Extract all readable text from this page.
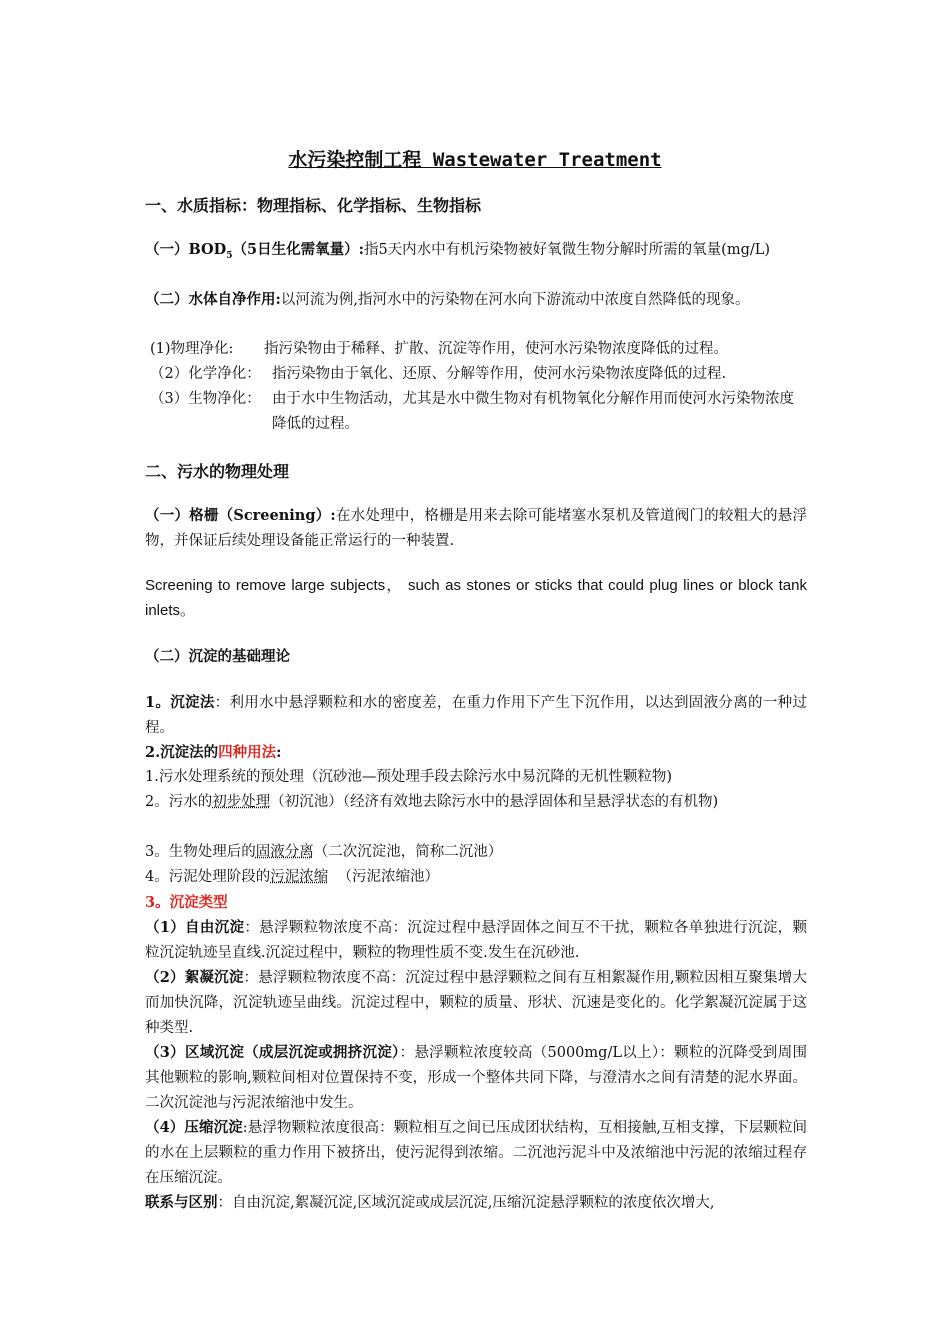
水污染控制工程 Wastewater Treatment
一、水质指标：物理指标、化学指标、生物指标
（一）$BOD_5(5$日生化需氧量）:指5天内水中有机污染物被好氧微生物分解时所需的氧量(mg/L)
（二）水体自净作用:以河流为例,指河水中的污染物在河水向下游流动中浓度自然降低的现象。
(1)物理净化: 指污染物由于稀释、扩散、沉淀等作用，使河水污染物浓度降低的过程。
（2）化学净化： 指污染物由于氧化、还原、分解等作用，使河水污染物浓度降低的过程.
（3）生物净化： 由于水中生物活动，尤其是水中微生物对有机物氧化分解作用而使河水污染物浓度降低的过程。
二、污水的物理处理
（一）格栅（Screening）:在水处理中，格栅是用来去除可能堵塞水泵机及管道阀门的较粗大的悬浮物，并保证后续处理设备能正常运行的一种装置.
Screening to remove large subjects， such as stones or sticks that could plug lines or block tank inlets。
（二）沉淀的基础理论
1。沉淀法：利用水中悬浮颗粒和水的密度差，在重力作用下产生下沉作用，以达到固液分离的一种过程。
2.沉淀法的四种用法:
1.污水处理系统的预处理（沉砂池—预处理手段去除污水中易沉降的无机性颗粒物)
2。污水的初步处理（初沉池）（经济有效地去除污水中的悬浮固体和呈悬浮状态的有机物)
3。生物处理后的固液分离（二次沉淀池，简称二沉池）
4。污泥处理阶段的污泥浓缩  （污泥浓缩池）
3。沉淀类型
（1）自由沉淀：悬浮颗粒物浓度不高：沉淀过程中悬浮固体之间互不干扰，颗粒各单独进行沉淀，颗粒沉淀轨迹呈直线.沉淀过程中，颗粒的物理性质不变.发生在沉砂池.
（2）絮凝沉淀：悬浮颗粒物浓度不高：沉淀过程中悬浮颗粒之间有互相絮凝作用,颗粒因相互聚集增大而加快沉降，沉淀轨迹呈曲线。沉淀过程中，颗粒的质量、形状、沉速是变化的。化学絮凝沉淀属于这种类型.
（3）区域沉淀（成层沉淀或拥挤沉淀）：悬浮颗粒浓度较高（5000mg/L以上）：颗粒的沉降受到周围其他颗粒的影响,颗粒间相对位置保持不变，形成一个整体共同下降，与澄清水之间有清楚的泥水界面。二次沉淀池与污泥浓缩池中发生。
（4）压缩沉淀:悬浮物颗粒浓度很高：颗粒相互之间已压成团状结构，互相接触,互相支撑，下层颗粒间的水在上层颗粒的重力作用下被挤出，使污泥得到浓缩。二沉池污泥斗中及浓缩池中污泥的浓缩过程存在压缩沉淀。
联系与区别：自由沉淀,絮凝沉淀,区域沉淀或成层沉淀,压缩沉淀悬浮颗粒的浓度依次增大,
